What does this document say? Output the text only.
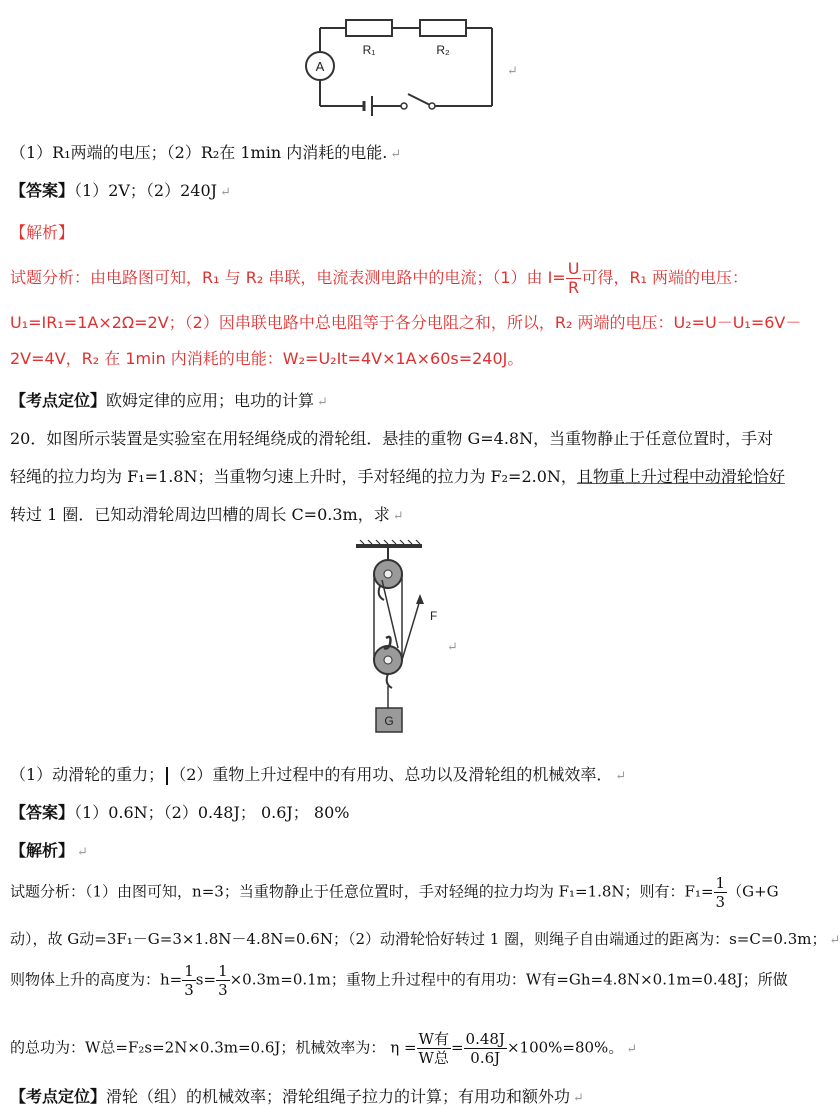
A
R₁	R₂
↵
（1）R₁两端的电压；（2）R₂在 1min 内消耗的电能. ↵
【答案】（1）2V；（2）240J ↵
【解析】
试题分析：由电路图可知，R₁ 与 R₂ 串联，电流表测电路中的电流；（1）由 $I= \frac{U}{R}$ 可得，R₁ 两端的电压：
U₁=IR₁=1A×2Ω=2V；（2）因串联电路中总电阻等于各分电阻之和，所以，R₂ 两端的电压：U₂=U－U₁=6V－
2V=4V，R₂ 在 1min 内消耗的电能：W₂=U₂It=4V×1A×60s=240J。
【考点定位】欧姆定律的应用；电功的计算 ↵
20．如图所示装置是实验室在用轻绳绕成的滑轮组．悬挂的重物 G=4.8N，当重物静止于任意位置时，手对
轻绳的拉力均为 F₁=1.8N；当重物匀速上升时，手对轻绳的拉力为 F₂=2.0N，且物重上升过程中动滑轮恰好
转过 1 圈．已知动滑轮周边凹槽的周长 C=0.3m，求 ↵
F
G
↵
（1）动滑轮的重力； （2）重物上升过程中的有用功、总功以及滑轮组的机械效率． ↵
【答案】（1）0.6N；（2）0.48J； 0.6J； 80%
【解析】 ↵
试题分析：（1）由图可知，n=3；当重物静止于任意位置时，手对轻绳的拉力均为 F₁=1.8N；则有：$F_1= \frac{1}{3} (G+G$
动），故 G动=3F₁－G=3×1.8N－4.8N=0.6N；（2）动滑轮恰好转过 1 圈，则绳子自由端通过的距离为：s=C=0.3m； ↵
则物体上升的高度为：$h= \frac{1}{3} s= \frac{1}{3} \times 0.3m=0.1m$；重物上升过程中的有用功：W有=Gh=4.8N×0.1m=0.48J；所做
的总功为：W总=F₂s=2N×0.3m=0.6J；机械效率为： $\eta = \frac{\text{W有}}{\text{W总}} = \frac{0.48J}{0.6J} \times 100\%=80\%$。 ↵
【考点定位】滑轮（组）的机械效率；滑轮组绳子拉力的计算；有用功和额外功 ↵
